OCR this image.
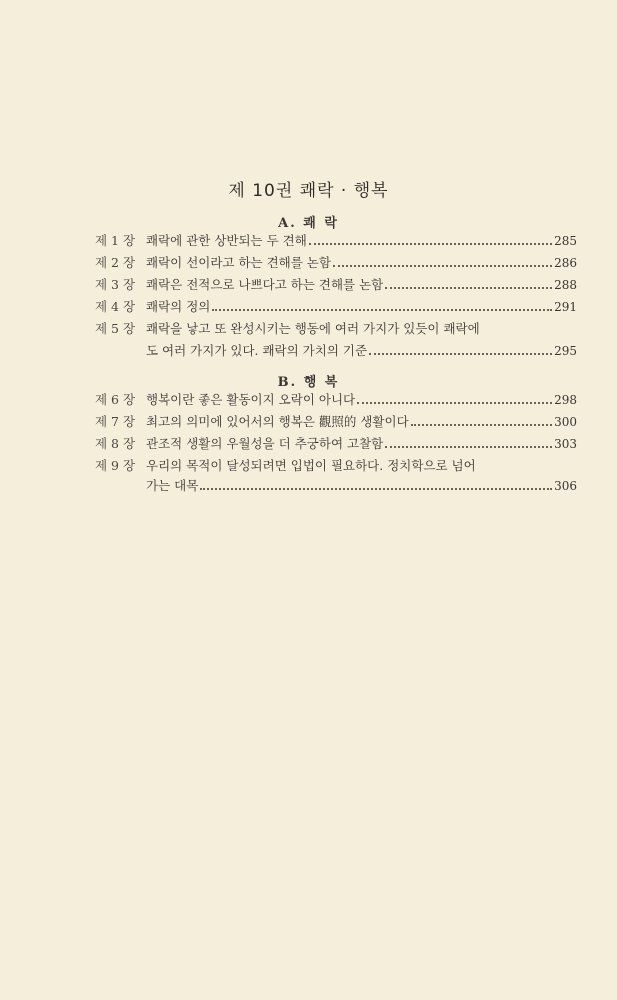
제 10권 쾌락 · 행복
A. 쾌 락
제 1 장 쾌락에 관한 상반되는 두 견해	285
제 2 장 쾌락이 선이라고 하는 견해를 논함	286
제 3 장 쾌락은 전적으로 나쁘다고 하는 견해를 논함	288
제 4 장 쾌락의 정의	291
제 5 장 쾌락을 낳고 또 완성시키는 행동에 여러 가지가 있듯이 쾌락에
도 여러 가지가 있다. 쾌락의 가치의 기준	295
B. 행 복
제 6 장 행복이란 좋은 활동이지 오락이 아니다	298
제 7 장 최고의 의미에 있어서의 행복은 觀照的 생활이다	300
제 8 장 관조적 생활의 우월성을 더 추궁하여 고찰함	303
제 9 장 우리의 목적이 달성되려면 입법이 필요하다. 정치학으로 넘어
가는 대목	306
